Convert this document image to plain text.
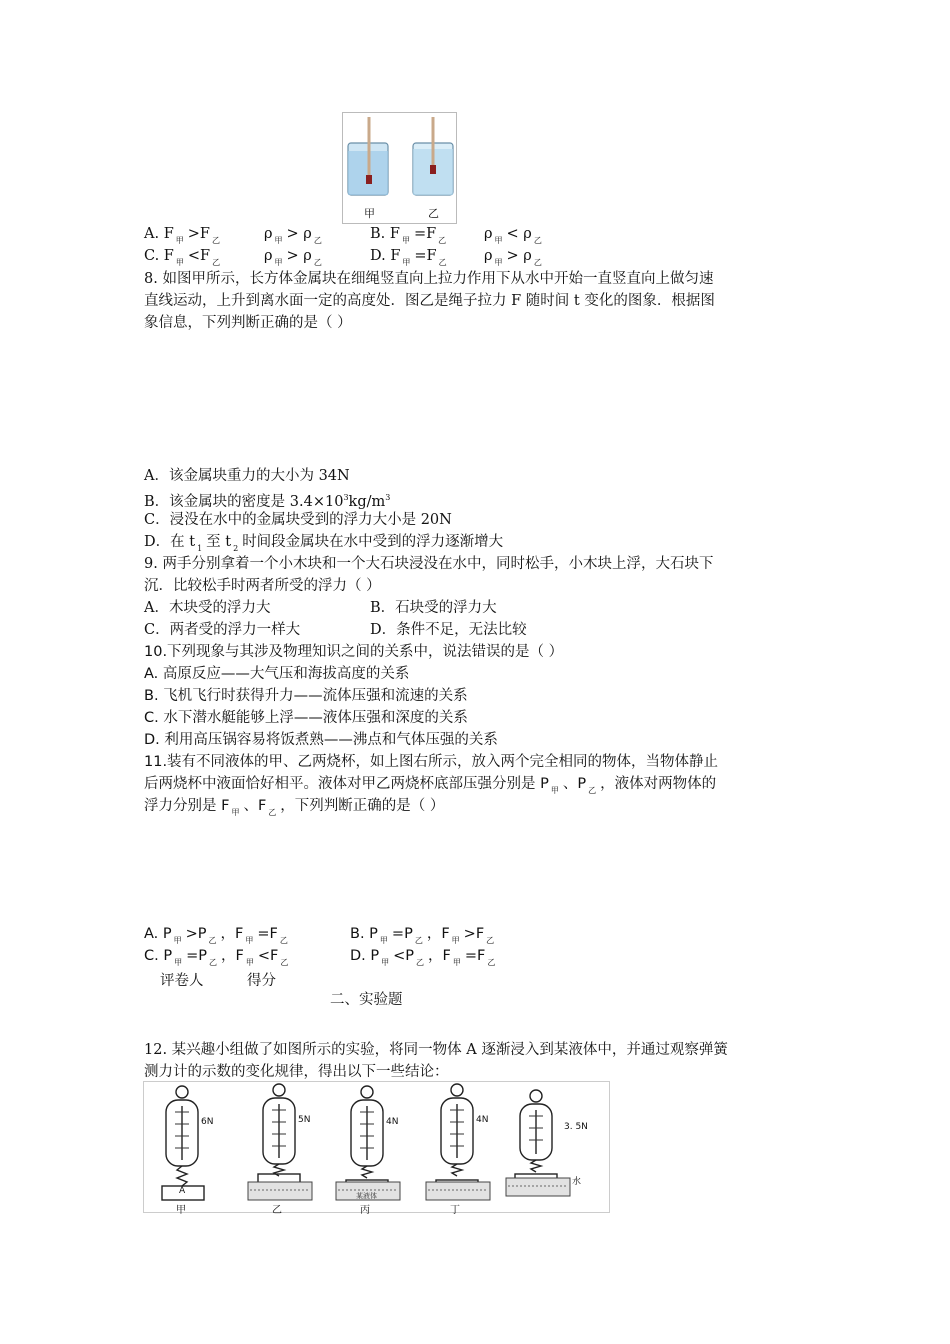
甲	乙
A. F $_甲$ >F $_乙$	ρ $_甲$ > ρ $_乙$	B. F $_甲$ =F $_乙$	ρ $_甲$ < ρ $_乙$
C. F $_甲$ <F $_乙$	ρ $_甲$ > ρ $_乙$	D. F $_甲$ =F $_乙$	ρ $_甲$ > ρ $_乙$
8. 如图甲所示，长方体金属块在细绳竖直向上拉力作用下从水中开始一直竖直向上做匀速
直线运动，上升到离水面一定的高度处．图乙是绳子拉力 F 随时间 t 变化的图象．根据图
象信息，下列判断正确的是（ ）
A．该金属块重力的大小为 34N
B．该金属块的密度是 $3.4\times 10^3kg/m^3$
C．浸没在水中的金属块受到的浮力大小是 20N
D．在 t $_1$ 至 t $_2$ 时间段金属块在水中受到的浮力逐渐增大
9. 两手分别拿着一个小木块和一个大石块浸没在水中，同时松手，小木块上浮，大石块下
沉．比较松手时两者所受的浮力（ ）
A．木块受的浮力大	B．石块受的浮力大
C．两者受的浮力一样大	D．条件不足，无法比较
10.下列现象与其涉及物理知识之间的关系中，说法错误的是（ ）
A. 高原反应——大气压和海拔高度的关系
B. 飞机飞行时获得升力——流体压强和流速的关系
C. 水下潜水艇能够上浮——液体压强和深度的关系
D. 利用高压锅容易将饭煮熟——沸点和气体压强的关系
11.装有不同液体的甲、乙两烧杯，如上图右所示，放入两个完全相同的物体，当物体静止
后两烧杯中液面恰好相平。液体对甲乙两烧杯底部压强分别是 P $_甲$ 、P $_乙$ ，液体对两物体的
浮力分别是 F $_甲$ 、F $_乙$ ，下列判断正确的是（ ）
A. P $_甲$ >P $_乙$ ，F $_甲$ =F $_乙$	B. P $_甲$ =P $_乙$ ，F $_甲$ >F $_乙$
C. P $_甲$ =P $_乙$ ，F $_甲$ <F $_乙$	D. P $_甲$ <P $_乙$ ，F $_甲$ =F $_乙$
评卷人	得分
二、实验题
12. 某兴趣小组做了如图所示的实验，将同一物体 A 逐渐浸入到某液体中，并通过观察弹簧
测力计的示数的变化规律，得出以下一些结论：
6N	5N	4N	4N
3. 5N
A	某液体
水
甲	乙	丙	丁
